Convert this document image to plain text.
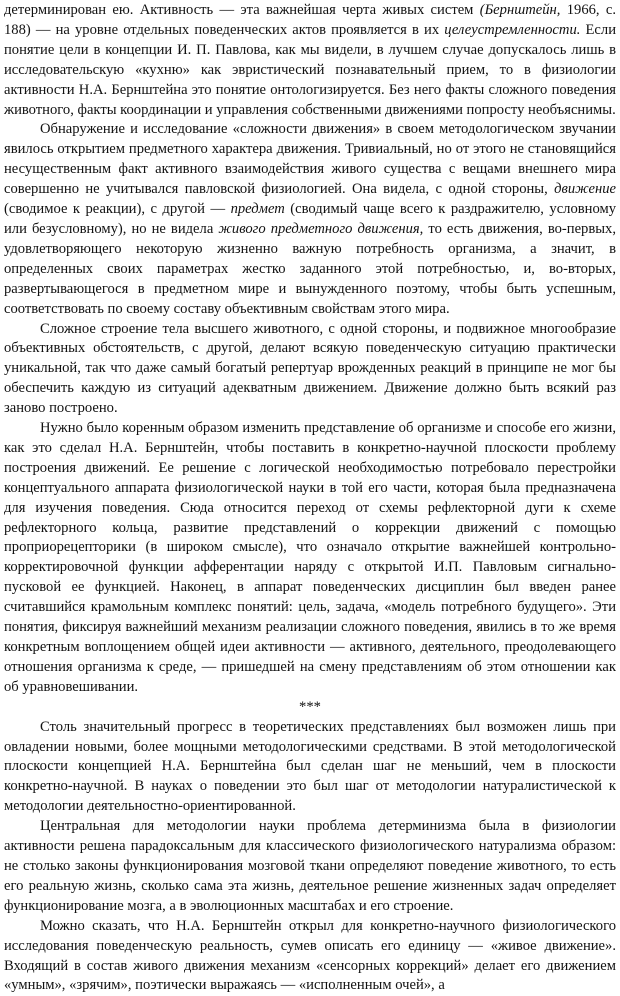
детерминирован ею. Активность — эта важнейшая черта живых систем (Бернштейн, 1966, с. 188) — на уровне отдельных поведенческих актов проявляется в их целеустремленности. Если понятие цели в концепции И. П. Павлова, как мы видели, в лучшем случае допускалось лишь в исследовательскую «кухню» как эвристический познавательный прием, то в физиологии активности Н.А. Бернштейна это понятие онтологизируется. Без него факты сложного поведения животного, факты координации и управления собственными движениями попросту необъяснимы.

Обнаружение и исследование «сложности движения» в своем методологическом звучании явилось открытием предметного характера движения. Тривиальный, но от этого не становящийся несущественным факт активного взаимодействия живого существа с вещами внешнего мира совершенно не учитывался павловской физиологией. Она видела, с одной стороны, движение (сводимое к реакции), с другой — предмет (сводимый чаще всего к раздражителю, условному или безусловному), но не видела живого предметного движения, то есть движения, во-первых, удовлетворяющего некоторую жизненно важную потребность организма, а значит, в определенных своих параметрах жестко заданного этой потребностью, и, во-вторых, развертывающегося в предметном мире и вынужденного поэтому, чтобы быть успешным, соответствовать по своему составу объективным свойствам этого мира.

Сложное строение тела высшего животного, с одной стороны, и подвижное многообразие объективных обстоятельств, с другой, делают всякую поведенческую ситуацию практически уникальной, так что даже самый богатый репертуар врожденных реакций в принципе не мог бы обеспечить каждую из ситуаций адекватным движением. Движение должно быть всякий раз заново построено.

Нужно было коренным образом изменить представление об организме и способе его жизни, как это сделал Н.А. Бернштейн, чтобы поставить в конкретно-научной плоскости проблему построения движений. Ее решение с логической необходимостью потребовало перестройки концептуального аппарата физиологической науки в той его части, которая была предназначена для изучения поведения. Сюда относится переход от схемы рефлекторной дуги к схеме рефлекторного кольца, развитие представлений о коррекции движений с помощью проприорецепторики (в широком смысле), что означало открытие важнейшей контрольно-корректировочной функции афферентации наряду с открытой И.П. Павловым сигнально-пусковой ее функцией. Наконец, в аппарат поведенческих дисциплин был введен ранее считавшийся крамольным комплекс понятий: цель, задача, «модель потребного будущего». Эти понятия, фиксируя важнейший механизм реализации сложного поведения, явились в то же время конкретным воплощением общей идеи активности — активного, деятельного, преодолевающего отношения организма к среде, — пришедшей на смену представлениям об этом отношении как об уравновешивании.

***

Столь значительный прогресс в теоретических представлениях был возможен лишь при овладении новыми, более мощными методологическими средствами. В этой методологической плоскости концепцией Н.А. Бернштейна был сделан шаг не меньший, чем в плоскости конкретно-научной. В науках о поведении это был шаг от методологии натуралистической к методологии деятельностно-ориентированной.

Центральная для методологии науки проблема детерминизма была в физиологии активности решена парадоксальным для классического физиологического натурализма образом: не столько законы функционирования мозговой ткани определяют поведение животного, то есть его реальную жизнь, сколько сама эта жизнь, деятельное решение жизненных задач определяет функционирование мозга, а в эволюционных масштабах и его строение.

Можно сказать, что Н.А. Бернштейн открыл для конкретно-научного физиологического исследования поведенческую реальность, сумев описать его единицу — «живое движение». Входящий в состав живого движения механизм «сенсорных коррекций» делает его движением «умным», «зрячим», поэтически выражаясь — «исполненным очей», а
